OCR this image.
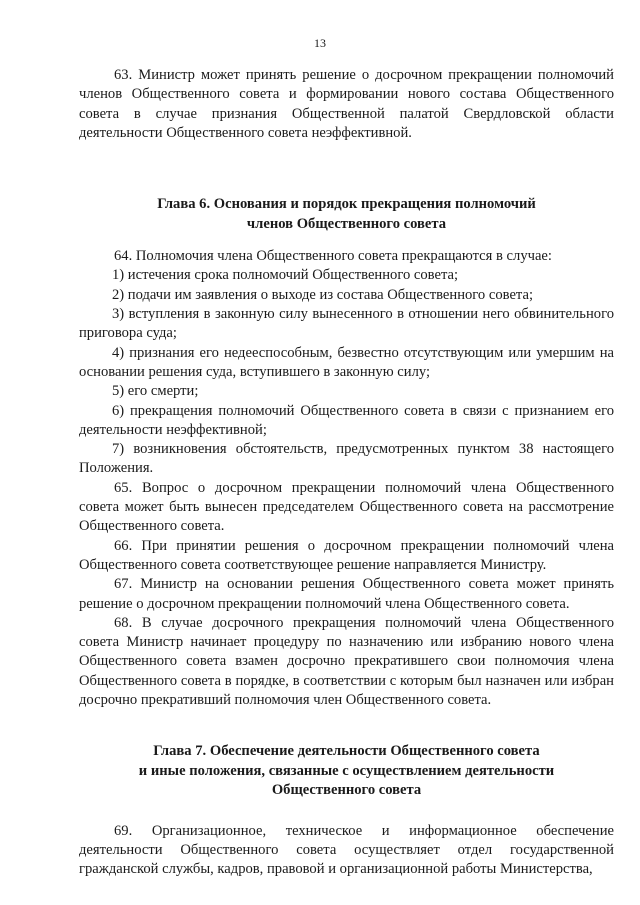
13

63. Министр может принять решение о досрочном прекращении полномочий членов Общественного совета и формировании нового состава Общественного совета в случае признания Общественной палатой Свердловской области деятельности Общественного совета неэффективной.

Глава 6. Основания и порядок прекращения полномочий
членов Общественного совета

64. Полномочия члена Общественного совета прекращаются в случае:

1) истечения срока полномочий Общественного совета;

2) подачи им заявления о выходе из состава Общественного совета;

3) вступления в законную силу вынесенного в отношении него обвинительного приговора суда;

4) признания его недееспособным, безвестно отсутствующим или умершим на основании решения суда, вступившего в законную силу;

5) его смерти;

6) прекращения полномочий Общественного совета в связи с признанием его деятельности неэффективной;

7) возникновения обстоятельств, предусмотренных пунктом 38 настоящего Положения.

65. Вопрос о досрочном прекращении полномочий члена Общественного совета может быть вынесен председателем Общественного совета на рассмотрение Общественного совета.

66. При принятии решения о досрочном прекращении полномочий члена Общественного совета соответствующее решение направляется Министру.

67. Министр на основании решения Общественного совета может принять решение о досрочном прекращении полномочий члена Общественного совета.

68. В случае досрочного прекращения полномочий члена Общественного совета Министр начинает процедуру по назначению или избранию нового члена Общественного совета взамен досрочно прекратившего свои полномочия члена Общественного совета в порядке, в соответствии с которым был назначен или избран досрочно прекративший полномочия член Общественного совета.

Глава 7. Обеспечение деятельности Общественного совета
и иные положения, связанные с осуществлением деятельности
Общественного совета

69. Организационное, техническое и информационное обеспечение деятельности Общественного совета осуществляет отдел государственной гражданской службы, кадров, правовой и организационной работы Министерства,
